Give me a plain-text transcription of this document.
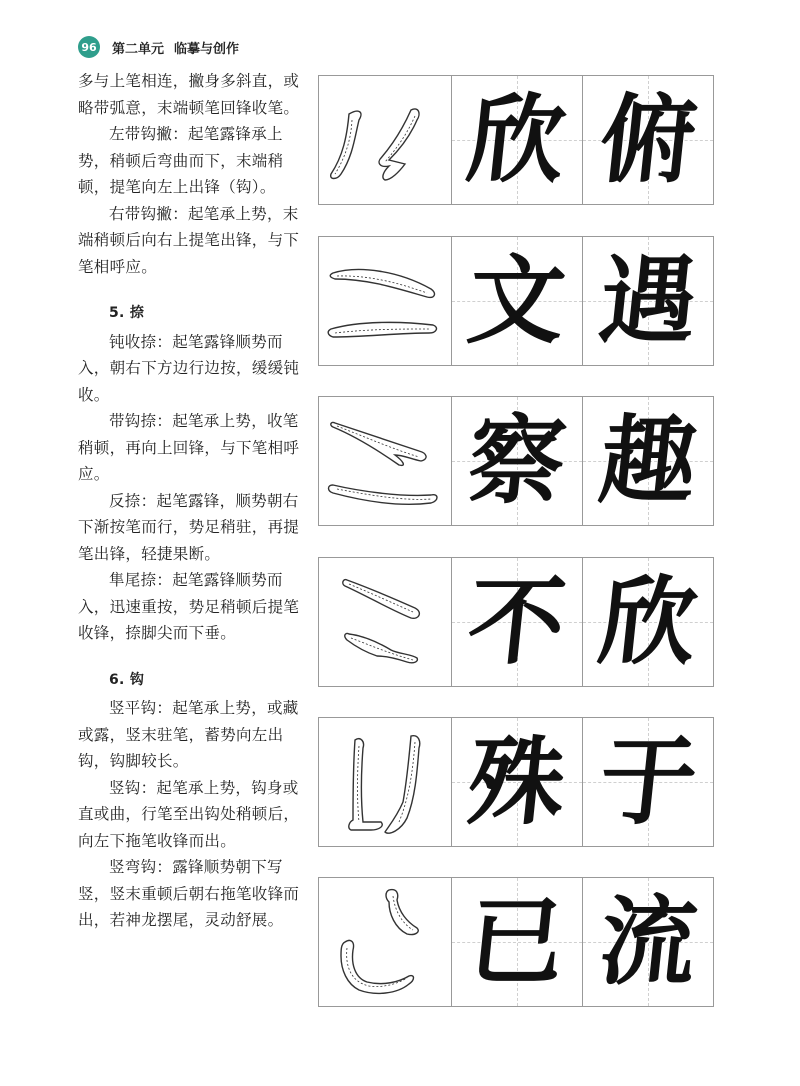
96 第二单元 临摹与创作

多与上笔相连，撇身多斜直，或略带弧意，末端顿笔回锋收笔。

左带钩撇：起笔露锋承上势，稍顿后弯曲而下，末端稍顿，提笔向左上出锋（钩）。

右带钩撇：起笔承上势，末端稍顿后向右上提笔出锋，与下笔相呼应。

5. 捺

钝收捺：起笔露锋顺势而入，朝右下方边行边按，缓缓钝收。

带钩捺：起笔承上势，收笔稍顿，再向上回锋，与下笔相呼应。

反捺：起笔露锋，顺势朝右下渐按笔而行，势足稍驻，再提笔出锋，轻捷果断。

隼尾捺：起笔露锋顺势而入，迅速重按，势足稍顿后提笔收锋，捺脚尖而下垂。

6. 钩

竖平钩：起笔承上势，或藏或露，竖末驻笔，蓄势向左出钩，钩脚较长。

竖钩：起笔承上势，钩身或直或曲，行笔至出钩处稍顿后，向左下拖笔收锋而出。

竖弯钩：露锋顺势朝下写竖，竖末重顿后朝右拖笔收锋而出，若神龙摆尾，灵动舒展。

欣 俯
文 遇
察 趣
不 欣
殊 于
已 流
